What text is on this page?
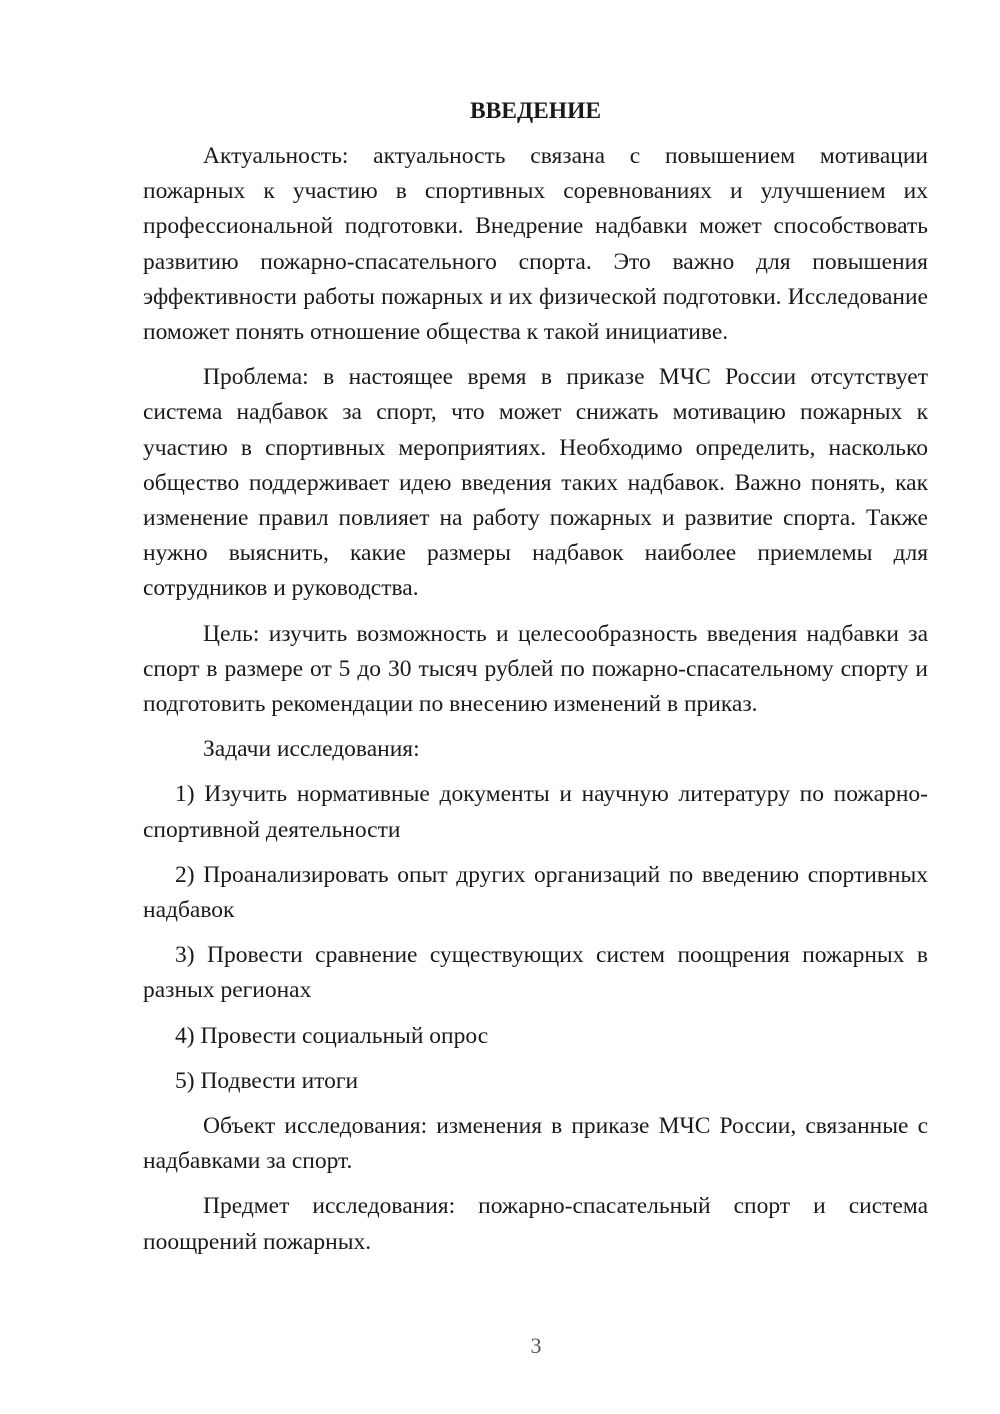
ВВЕДЕНИЕ

Актуальность: актуальность связана с повышением мотивации пожарных к участию в спортивных соревнованиях и улучшением их профессиональной подготовки. Внедрение надбавки может способствовать развитию пожарно-спасательного спорта. Это важно для повышения эффективности работы пожарных и их физической подготовки. Исследование поможет понять отношение общества к такой инициативе.

Проблема: в настоящее время в приказе МЧС России отсутствует система надбавок за спорт, что может снижать мотивацию пожарных к участию в спортивных мероприятиях. Необходимо определить, насколько общество поддерживает идею введения таких надбавок. Важно понять, как изменение правил повлияет на работу пожарных и развитие спорта. Также нужно выяснить, какие размеры надбавок наиболее приемлемы для сотрудников и руководства.

Цель: изучить возможность и целесообразность введения надбавки за спорт в размере от 5 до 30 тысяч рублей по пожарно-спасательному спорту и подготовить рекомендации по внесению изменений в приказ.

Задачи исследования:

1) Изучить нормативные документы и научную литературу по пожарно-спортивной деятельности

2) Проанализировать опыт других организаций по введению спортивных надбавок

3) Провести сравнение существующих систем поощрения пожарных в разных регионах

4) Провести социальный опрос

5) Подвести итоги

Объект исследования: изменения в приказе МЧС России, связанные с надбавками за спорт.

Предмет исследования: пожарно-спасательный спорт и система поощрений пожарных.

3
